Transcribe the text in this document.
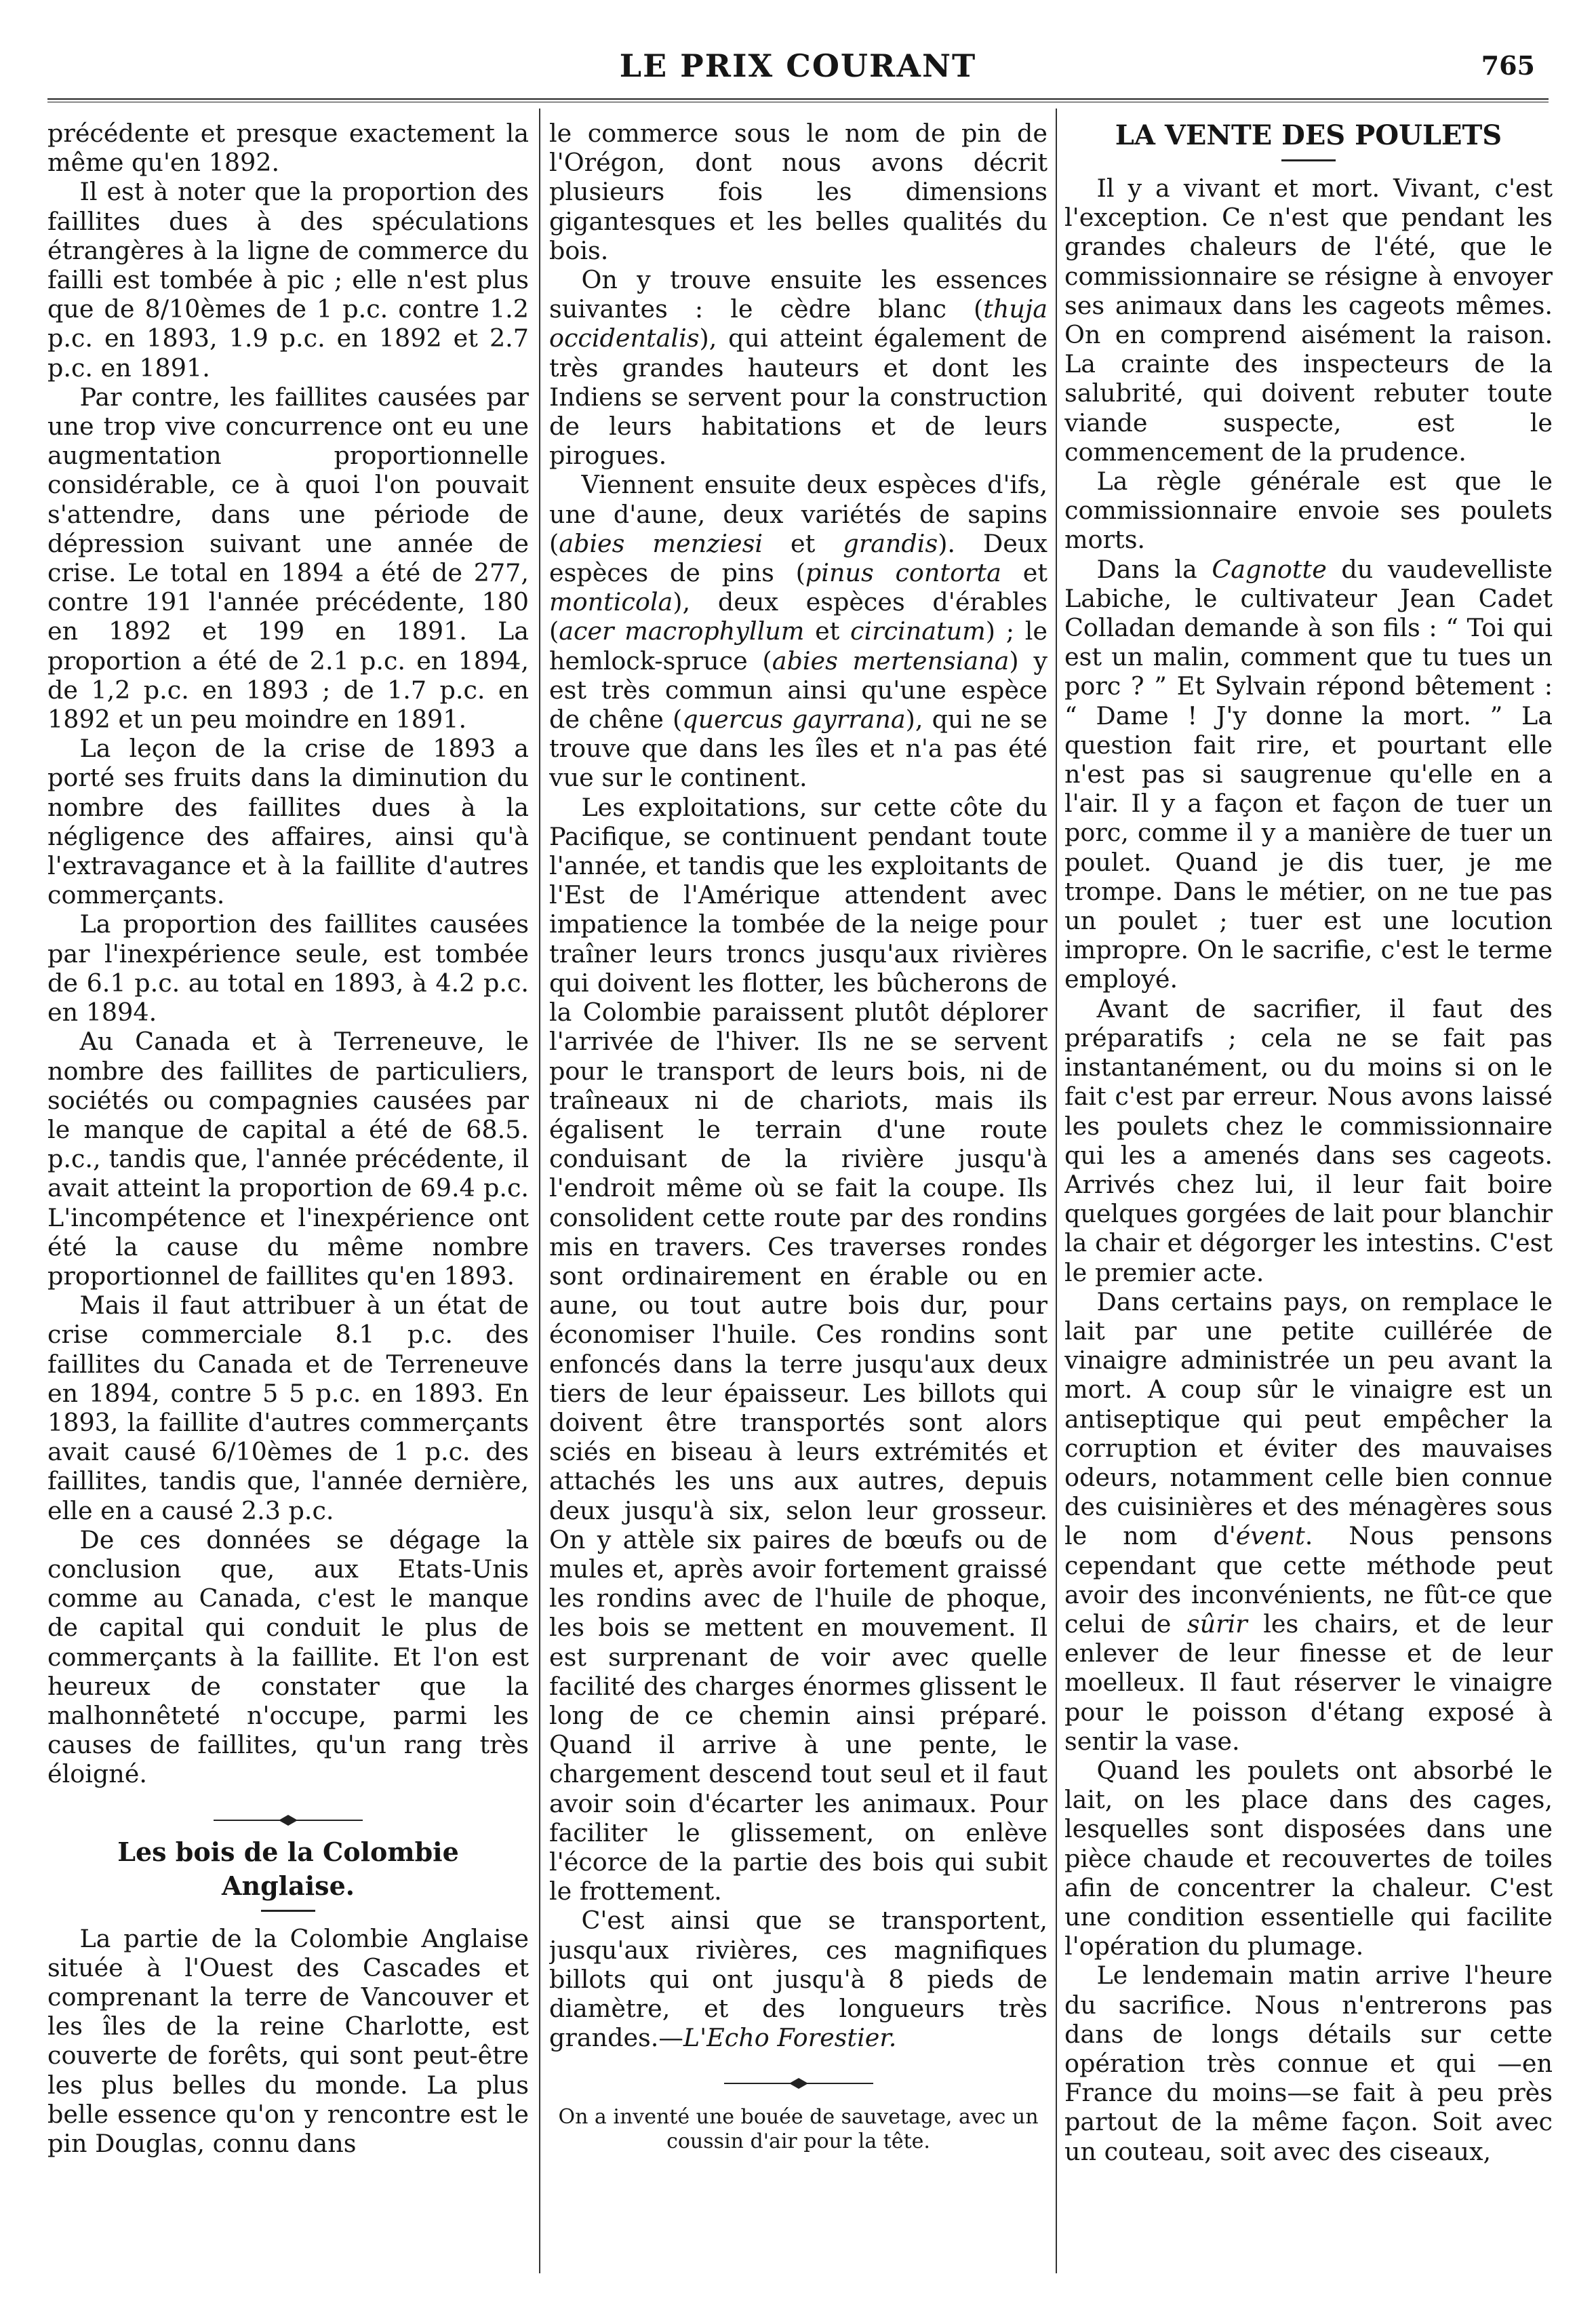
LE PRIX COURANT	765

précédente et presque exactement la même qu'en 1892.

Il est à noter que la proportion des faillites dues à des spéculations étrangères à la ligne de commerce du failli est tombée à pic ; elle n'est plus que de 8/10èmes de 1 p.c. contre 1.2 p.c. en 1893, 1.9 p.c. en 1892 et 2.7 p.c. en 1891.

Par contre, les faillites causées par une trop vive concurrence ont eu une augmentation proportionnelle considérable, ce à quoi l'on pouvait s'attendre, dans une période de dépression suivant une année de crise. Le total en 1894 a été de 277, contre 191 l'année précédente, 180 en 1892 et 199 en 1891. La proportion a été de 2.1 p.c. en 1894, de 1,2 p.c. en 1893 ; de 1.7 p.c. en 1892 et un peu moindre en 1891.

La leçon de la crise de 1893 a porté ses fruits dans la diminution du nombre des faillites dues à la négligence des affaires, ainsi qu'à l'extravagance et à la faillite d'autres commerçants.

La proportion des faillites causées par l'inexpérience seule, est tombée de 6.1 p.c. au total en 1893, à 4.2 p.c. en 1894.

Au Canada et à Terreneuve, le nombre des faillites de particuliers, sociétés ou compagnies causées par le manque de capital a été de 68.5. p.c., tandis que, l'année précédente, il avait atteint la proportion de 69.4 p.c. L'incompétence et l'inexpérience ont été la cause du même nombre proportionnel de faillites qu'en 1893.

Mais il faut attribuer à un état de crise commerciale 8.1 p.c. des faillites du Canada et de Terreneuve en 1894, contre 5 5 p.c. en 1893. En 1893, la faillite d'autres commerçants avait causé 6/10èmes de 1 p.c. des faillites, tandis que, l'année dernière, elle en a causé 2.3 p.c.

De ces données se dégage la conclusion que, aux Etats-Unis comme au Canada, c'est le manque de capital qui conduit le plus de commerçants à la faillite. Et l'on est heureux de constater que la malhonnêteté n'occupe, parmi les causes de faillites, qu'un rang très éloigné.

Les bois de la Colombie Anglaise.

La partie de la Colombie Anglaise située à l'Ouest des Cascades et comprenant la terre de Vancouver et les îles de la reine Charlotte, est couverte de forêts, qui sont peut-être les plus belles du monde. La plus belle essence qu'on y rencontre est le pin Douglas, connu dans

le commerce sous le nom de pin de l'Orégon, dont nous avons décrit plusieurs fois les dimensions gigantesques et les belles qualités du bois.

On y trouve ensuite les essences suivantes : le cèdre blanc (thuja occidentalis), qui atteint également de très grandes hauteurs et dont les Indiens se servent pour la construction de leurs habitations et de leurs pirogues.

Viennent ensuite deux espèces d'ifs, une d'aune, deux variétés de sapins (abies menziesi et grandis). Deux espèces de pins (pinus contorta et monticola), deux espèces d'érables (acer macrophyllum et circinatum) ; le hemlock-spruce (abies mertensiana) y est très commun ainsi qu'une espèce de chêne (quercus gayrrana), qui ne se trouve que dans les îles et n'a pas été vue sur le continent.

Les exploitations, sur cette côte du Pacifique, se continuent pendant toute l'année, et tandis que les exploitants de l'Est de l'Amérique attendent avec impatience la tombée de la neige pour traîner leurs troncs jusqu'aux rivières qui doivent les flotter, les bûcherons de la Colombie paraissent plutôt déplorer l'arrivée de l'hiver. Ils ne se servent pour le transport de leurs bois, ni de traîneaux ni de chariots, mais ils égalisent le terrain d'une route conduisant de la rivière jusqu'à l'endroit même où se fait la coupe. Ils consolident cette route par des rondins mis en travers. Ces traverses rondes sont ordinairement en érable ou en aune, ou tout autre bois dur, pour économiser l'huile. Ces rondins sont enfoncés dans la terre jusqu'aux deux tiers de leur épaisseur. Les billots qui doivent être transportés sont alors sciés en biseau à leurs extrémités et attachés les uns aux autres, depuis deux jusqu'à six, selon leur grosseur. On y attèle six paires de bœufs ou de mules et, après avoir fortement graissé les rondins avec de l'huile de phoque, les bois se mettent en mouvement. Il est surprenant de voir avec quelle facilité des charges énormes glissent le long de ce chemin ainsi préparé. Quand il arrive à une pente, le chargement descend tout seul et il faut avoir soin d'écarter les animaux. Pour faciliter le glissement, on enlève l'écorce de la partie des bois qui subit le frottement.

C'est ainsi que se transportent, jusqu'aux rivières, ces magnifiques billots qui ont jusqu'à 8 pieds de diamètre, et des longueurs très grandes.—L'Echo Forestier.

On a inventé une bouée de sauvetage, avec un coussin d'air pour la tête.

LA VENTE DES POULETS

Il y a vivant et mort. Vivant, c'est l'exception. Ce n'est que pendant les grandes chaleurs de l'été, que le commissionnaire se résigne à envoyer ses animaux dans les cageots mêmes. On en comprend aisément la raison. La crainte des inspecteurs de la salubrité, qui doivent rebuter toute viande suspecte, est le commencement de la prudence.

La règle générale est que le commissionnaire envoie ses poulets morts.

Dans la Cagnotte du vaudevelliste Labiche, le cultivateur Jean Cadet Colladan demande à son fils : “ Toi qui est un malin, comment que tu tues un porc ? ” Et Sylvain répond bêtement : “ Dame ! J'y donne la mort. ” La question fait rire, et pourtant elle n'est pas si saugrenue qu'elle en a l'air. Il y a façon et façon de tuer un porc, comme il y a manière de tuer un poulet. Quand je dis tuer, je me trompe. Dans le métier, on ne tue pas un poulet ; tuer est une locution impropre. On le sacrifie, c'est le terme employé.

Avant de sacrifier, il faut des préparatifs ; cela ne se fait pas instantanément, ou du moins si on le fait c'est par erreur. Nous avons laissé les poulets chez le commissionnaire qui les a amenés dans ses cageots. Arrivés chez lui, il leur fait boire quelques gorgées de lait pour blanchir la chair et dégorger les intestins. C'est le premier acte.

Dans certains pays, on remplace le lait par une petite cuillérée de vinaigre administrée un peu avant la mort. A coup sûr le vinaigre est un antiseptique qui peut empêcher la corruption et éviter des mauvaises odeurs, notamment celle bien connue des cuisinières et des ménagères sous le nom d'évent. Nous pensons cependant que cette méthode peut avoir des inconvénients, ne fût-ce que celui de sûrir les chairs, et de leur enlever de leur finesse et de leur moelleux. Il faut réserver le vinaigre pour le poisson d'étang exposé à sentir la vase.

Quand les poulets ont absorbé le lait, on les place dans des cages, lesquelles sont disposées dans une pièce chaude et recouvertes de toiles afin de concentrer la chaleur. C'est une condition essentielle qui facilite l'opération du plumage.

Le lendemain matin arrive l'heure du sacrifice. Nous n'entrerons pas dans de longs détails sur cette opération très connue et qui —en France du moins—se fait à peu près partout de la même façon. Soit avec un couteau, soit avec des ciseaux,
